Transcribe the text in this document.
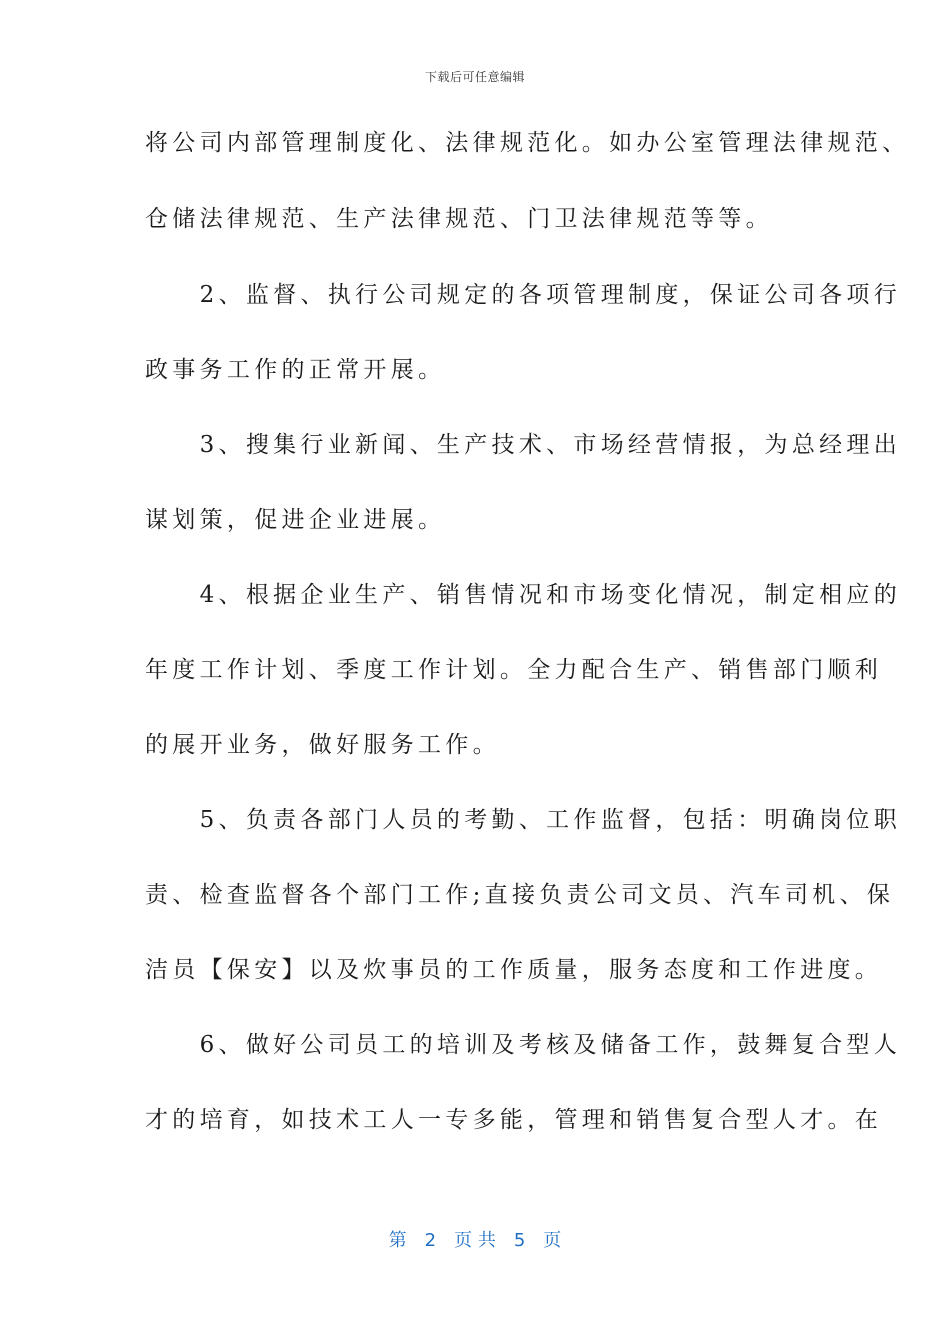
下载后可任意编辑
将公司内部管理制度化、法律规范化。如办公室管理法律规范、
仓储法律规范、生产法律规范、门卫法律规范等等。
　　2、监督、执行公司规定的各项管理制度，保证公司各项行
政事务工作的正常开展。
　　3、搜集行业新闻、生产技术、市场经营情报，为总经理出
谋划策，促进企业进展。
　　4、根据企业生产、销售情况和市场变化情况，制定相应的
年度工作计划、季度工作计划。全力配合生产、销售部门顺利
的展开业务，做好服务工作。
　　5、负责各部门人员的考勤、工作监督，包括：明确岗位职
责、检查监督各个部门工作;直接负责公司文员、汽车司机、保
洁员【保安】以及炊事员的工作质量，服务态度和工作进度。
　　6、做好公司员工的培训及考核及储备工作，鼓舞复合型人
才的培育，如技术工人一专多能，管理和销售复合型人才。在
第　2　页 共　5　页
